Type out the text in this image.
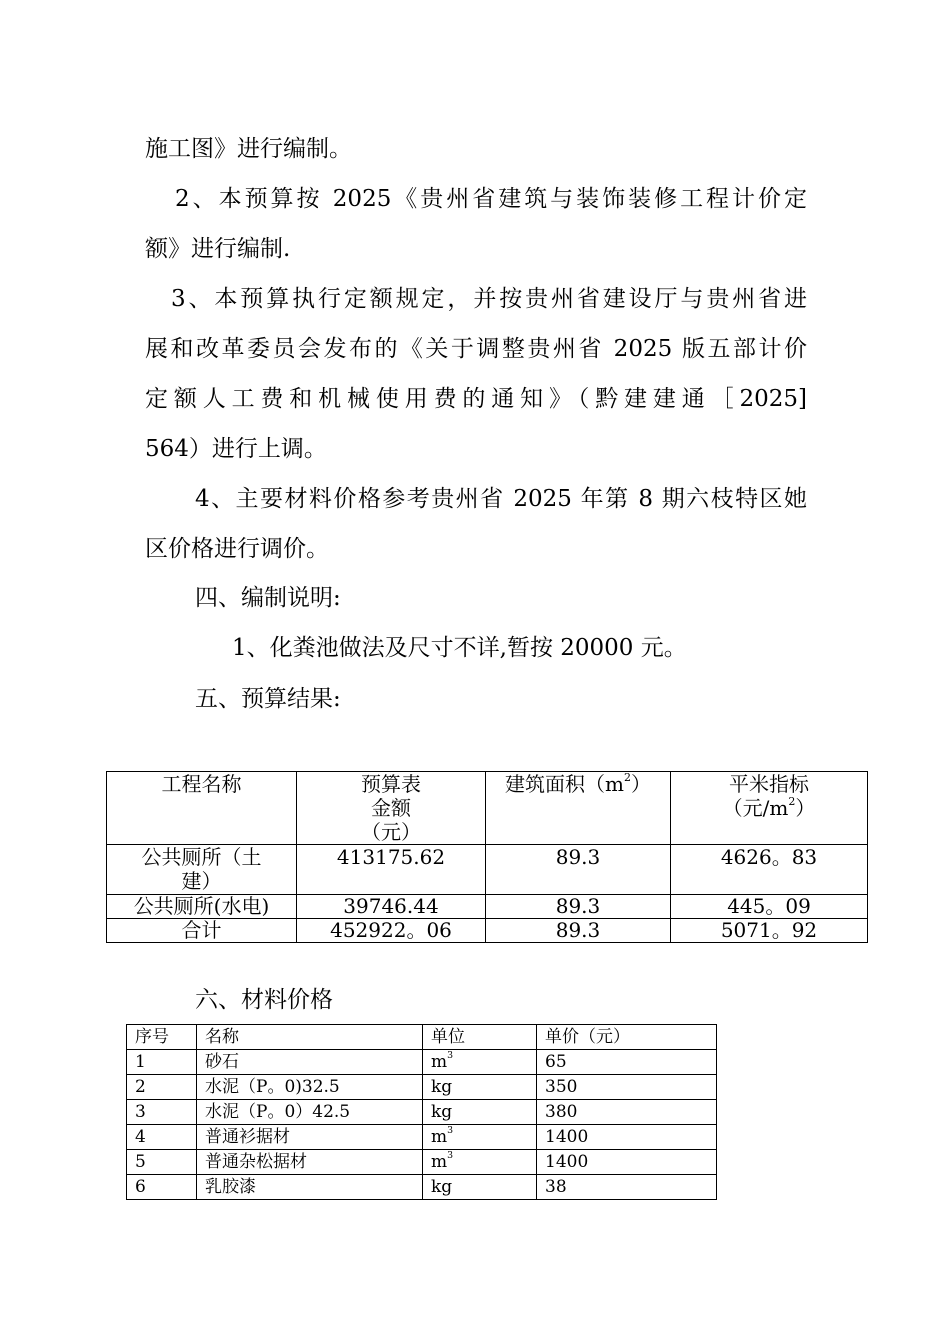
施工图》进行编制。

2、本预算按 2025《贵州省建筑与装饰装修工程计价定

额》进行编制.

3、本预算执行定额规定，并按贵州省建设厅与贵州省进

展和改革委员会发布的《关于调整贵州省 2025 版五部计价

定额人工费和机械使用费的通知》（黔建建通［2025]

564）进行上调。

4、主要材料价格参考贵州省 2025 年第 8 期六枝特区她

区价格进行调价。

四、编制说明:

1、化粪池做法及尺寸不详,暂按 20000 元。

五、预算结果:

工程名称	预算表金额（元）	建筑面积$(m^2)$	平米指标（元$/m^2$）
公共厕所（土建）	413175.62	89.3	4626。83
公共厕所(水电)	39746.44	89.3	445。09
合计	452922。06	89.3	5071。92

六、材料价格

序号	名称	单位	单价（元）
1	砂石	$m^3$	65
2	水泥（P。0)32.5	kg	350
3	水泥（P。0）42.5	kg	380
4	普通衫据材	$m^3$	1400
5	普通杂松据材	$m^3$	1400
6	乳胶漆	kg	38
